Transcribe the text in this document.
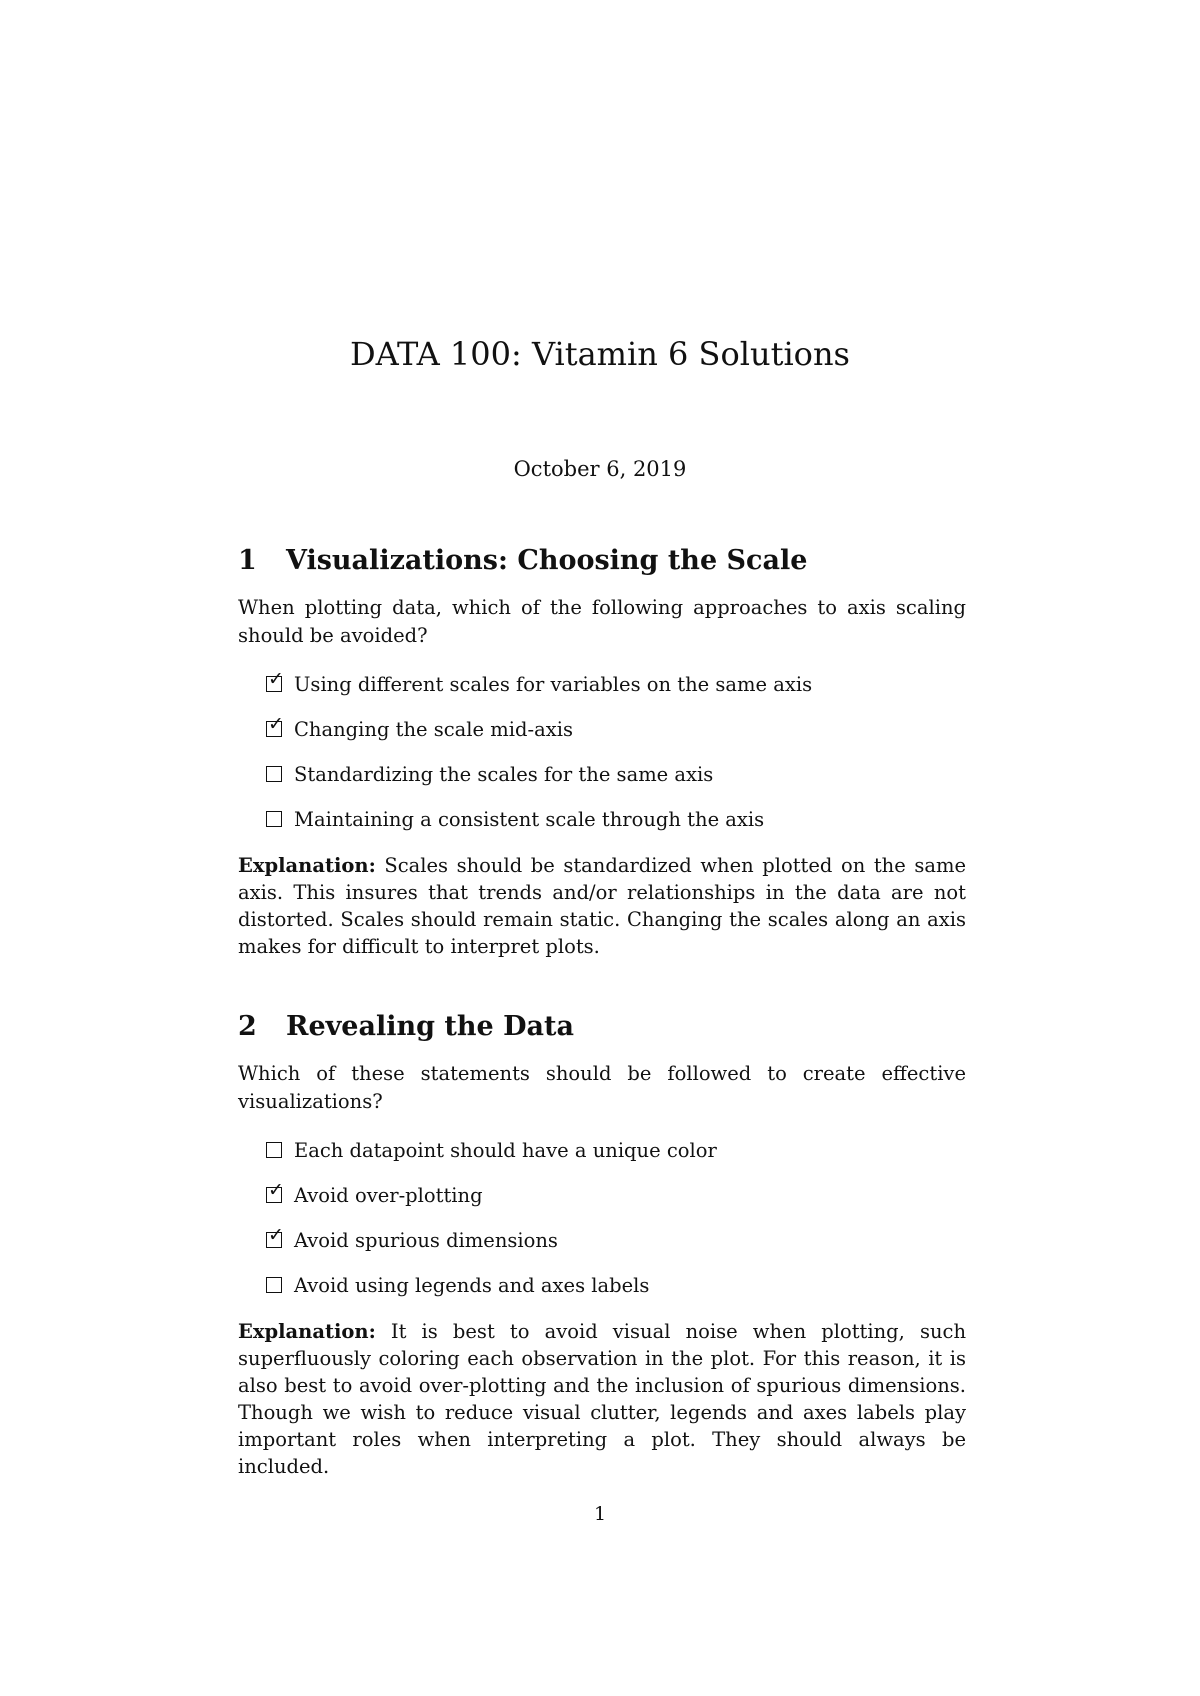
DATA 100: Vitamin 6 Solutions
October 6, 2019
1	Visualizations: Choosing the Scale

When plotting data, which of the following approaches to axis scaling should be avoided?

✓ Using different scales for variables on the same axis
✓ Changing the scale mid-axis
Standardizing the scales for the same axis
Maintaining a consistent scale through the axis

Explanation: Scales should be standardized when plotted on the same axis. This insures that trends and/or relationships in the data are not distorted. Scales should remain static. Changing the scales along an axis makes for difficult to interpret plots.

2	Revealing the Data

Which of these statements should be followed to create effective visualizations?

Each datapoint should have a unique color
✓ Avoid over-plotting
✓ Avoid spurious dimensions
Avoid using legends and axes labels

Explanation: It is best to avoid visual noise when plotting, such superfluously coloring each observation in the plot. For this reason, it is also best to avoid over-plotting and the inclusion of spurious dimensions. Though we wish to reduce visual clutter, legends and axes labels play important roles when interpreting a plot. They should always be included.

1
